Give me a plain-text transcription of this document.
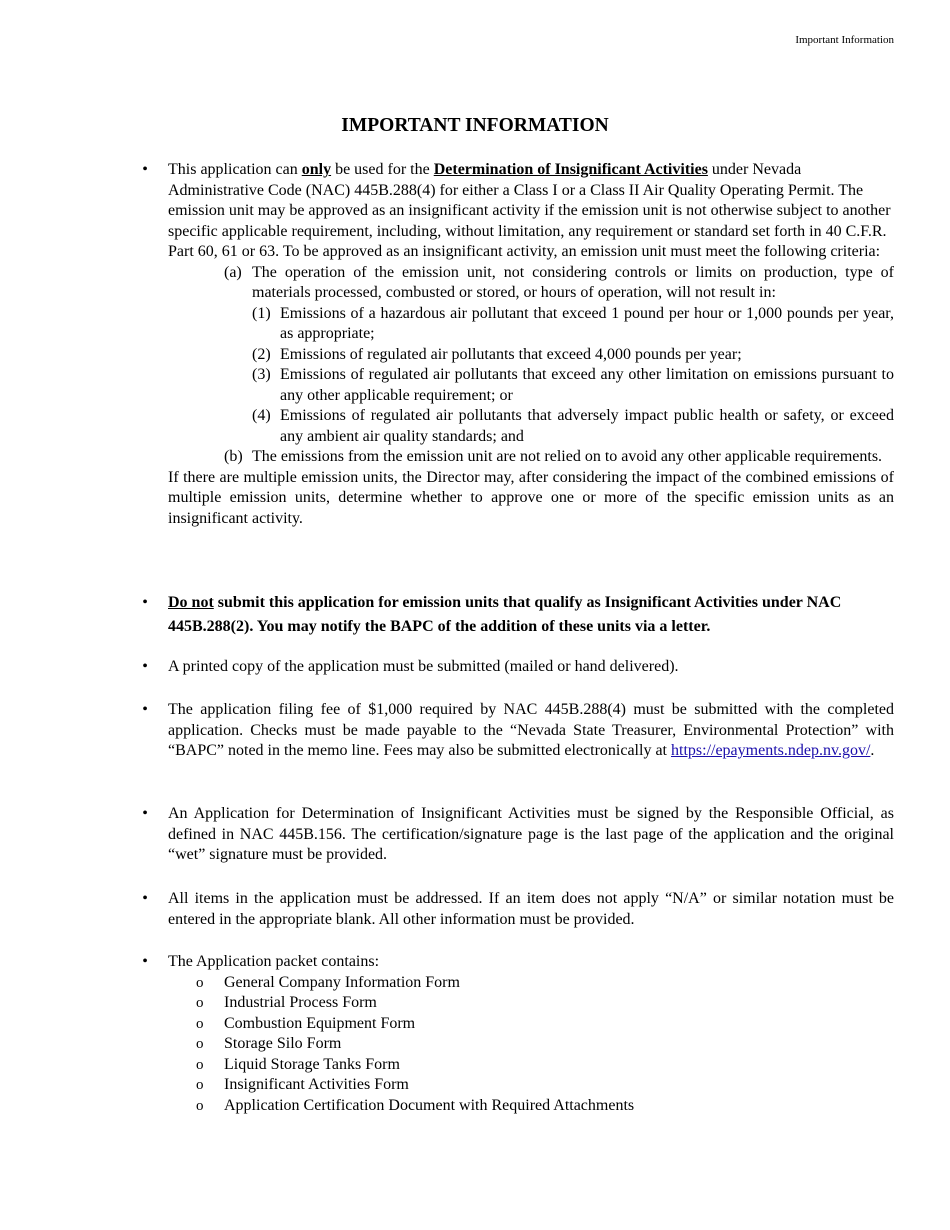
Important Information
IMPORTANT INFORMATION
• This application can only be used for the Determination of Insignificant Activities under Nevada Administrative Code (NAC) 445B.288(4) for either a Class I or a Class II Air Quality Operating Permit. The emission unit may be approved as an insignificant activity if the emission unit is not otherwise subject to another specific applicable requirement, including, without limitation, any requirement or standard set forth in 40 C.F.R. Part 60, 61 or 63. To be approved as an insignificant activity, an emission unit must meet the following criteria:

(a) The operation of the emission unit, not considering controls or limits on production, type of materials processed, combusted or stored, or hours of operation, will not result in:
(1) Emissions of a hazardous air pollutant that exceed 1 pound per hour or 1,000 pounds per year, as appropriate;
(2) Emissions of regulated air pollutants that exceed 4,000 pounds per year;
(3) Emissions of regulated air pollutants that exceed any other limitation on emissions pursuant to any other applicable requirement; or
(4) Emissions of regulated air pollutants that adversely impact public health or safety, or exceed any ambient air quality standards; and
(b) The emissions from the emission unit are not relied on to avoid any other applicable requirements.

If there are multiple emission units, the Director may, after considering the impact of the combined emissions of multiple emission units, determine whether to approve one or more of the specific emission units as an insignificant activity.

• Do not submit this application for emission units that qualify as Insignificant Activities under NAC 445B.288(2). You may notify the BAPC of the addition of these units via a letter.

• A printed copy of the application must be submitted (mailed or hand delivered).

• The application filing fee of $1,000 required by NAC 445B.288(4) must be submitted with the completed application. Checks must be made payable to the “Nevada State Treasurer, Environmental Protection” with “BAPC” noted in the memo line. Fees may also be submitted electronically at https://epayments.ndep.nv.gov/.

• An Application for Determination of Insignificant Activities must be signed by the Responsible Official, as defined in NAC 445B.156. The certification/signature page is the last page of the application and the original “wet” signature must be provided.

• All items in the application must be addressed. If an item does not apply “N/A” or similar notation must be entered in the appropriate blank. All other information must be provided.

• The Application packet contains:

o General Company Information Form
o Industrial Process Form
o Combustion Equipment Form
o Storage Silo Form
o Liquid Storage Tanks Form
o Insignificant Activities Form
o Application Certification Document with Required Attachments
